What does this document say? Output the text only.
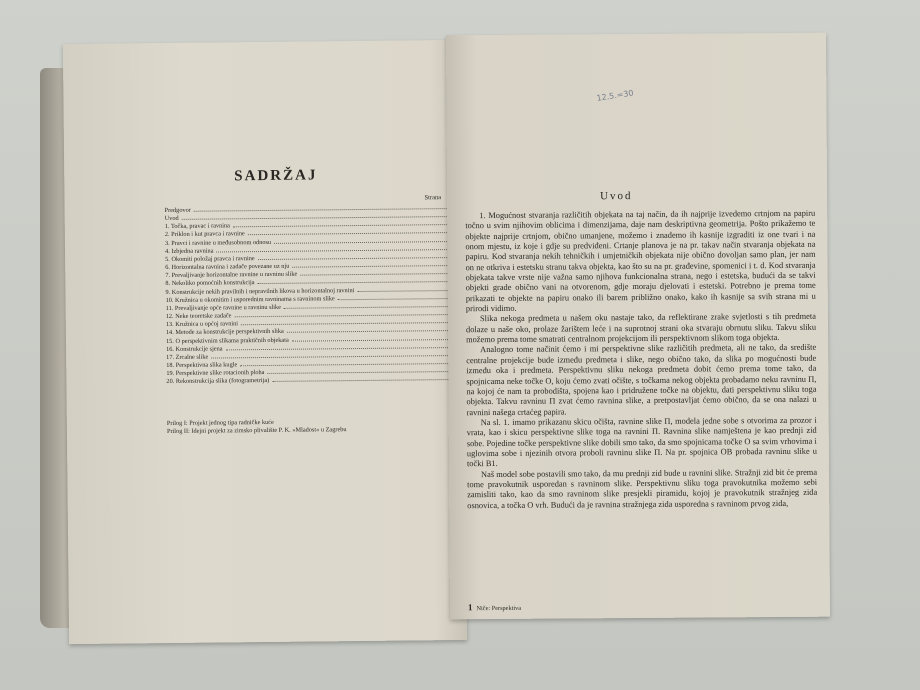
SADRŽAJ
Strana
Predgovor
Uvod
1. Točka, pravac i ravnina
2. Priklon i kut pravca i ravnine
3. Pravci i ravnine u međusobnom odnosu
4. Izbjedna ravnina
5. Okomiti položaj pravca i ravnine
6. Horizontalna ravnina i zadače povezane uz nju
7. Prevaljivanje horizontalne ravnine u ravninu slike
8. Nekoliko pomoćnih konstrukcija
9. Konstrukcije nekih pravilnih i nepravilnih likova u horizontalnoj ravnini
10. Kružnica u okomitim i usporednim ravninama s ravninom slike
11. Prevaljivanje opće ravnine u ravninu slike
12. Neke teoretske zadače
13. Kružnica u općoj ravnini
14. Metode za konstrukcije perspektivnih slika
15. O perspektivnim slikama praktičnih objekata
16. Konstrukcije sjena
17. Zrcalne slike
18. Perspektivna slika kugle
19. Perspektivne slike rotacionih ploha
20. Rekonstrukcija slika (fotogrametrija)
Prilog I: Projekt jednog tipa radničke kuće
Prilog II: Idejni projekt za zimsko plivalište P. K. »Mladost« u Zagrebu
12.5.=30
Uvod

1. Mogućnost stvaranja različitih objekata na taj način, da ih najprije izvedemo crtnjom na papiru točno u svim njihovim oblicima i dimenzijama, daje nam deskriptivna geometrija. Pošto prikažemo te objekte najprije crtnjom, obično umanjene, možemo i znademo ih kasnije izgraditi iz onе tvari i na onom mjestu, iz koje i gdje su predviđeni. Crtanje planova je na pr. takav način stvaranja objekata na papiru. Kod stvaranja nekih tehničkih i umjetničkih objekata nije obično dovoljan samo plan, jer nam on ne otkriva i estetsku stranu takva objekta, kao što su na pr. građevine, spomenici i t. d. Kod stvaranja objekata takve vrste nije važna samo njihova funkcionalna strana, nego i estetska, budući da se takvi objekti grade obično vani na otvorenom, gdje moraju djelovati i estetski. Potrebno je prema tome prikazati te objekte na papiru onako ili barem približno onako, kako ih kasnije sa svih strana mi u prirodi vidimo.

Slika nekoga predmeta u našem oku nastaje tako, da reflektirane zrake svjetlosti s tih predmeta dolaze u naše oko, prolaze žarištem leće i na suprotnoj strani oka stvaraju obrnutu sliku. Takvu sliku možemo prema tome smatrati centralnom projekcijom ili perspektivnom slikom toga objekta.

Analogno tome načinit ćemo i mi perspektivne slike različitih predmeta, ali ne tako, da središte centralne projekcije bude između predmeta i slike, nego obično tako, da slika po mogućnosti bude između oka i predmeta. Perspektivnu sliku nekoga predmeta dobit ćemo prema tome tako, da spojnicama neke točke O, koju ćemo zvati očište, s točkama nekog objekta probadamo neku ravninu Π, na kojoj će nam ta probodišta, spojena kao i pridružene točke na objektu, dati perspektivnu sliku toga objekta. Takvu ravninu Π zvat ćemo ravnina slike, a pretpostavljat ćemo obično, da se ona nalazi u ravnini našega crtaćeg papira.

Na sl. 1. imamo prikazanu skicu očišta, ravnine slike Π, modela jedne sobe s otvorima za prozor i vrata, kao i skicu perspektivne slike toga na ravnini Π. Ravnina slike namještena je kao prednji zid sobe. Pojedine točke perspektivne slike dobili smo tako, da smo spojnicama točke O sa svim vrhovima i uglovima sobe i njezinih otvora proboli ravninu slike Π. Na pr. spojnica OB probada ravninu slike u točki B1.

Naš model sobe postavili smo tako, da mu prednji zid bude u ravnini slike. Stražnji zid bit će prema tome pravokutnik usporedan s ravninom slike. Perspektivnu sliku toga pravokutnika možemo sebi zamisliti tako, kao da smo ravninom slike presjekli piramidu, kojoj je pravokutnik stražnjeg zida osnovica, a točka O vrh. Budući da je ravnina stražnjega zida usporedna s ravninom prvog zida,

1 Niče: Perspektiva
